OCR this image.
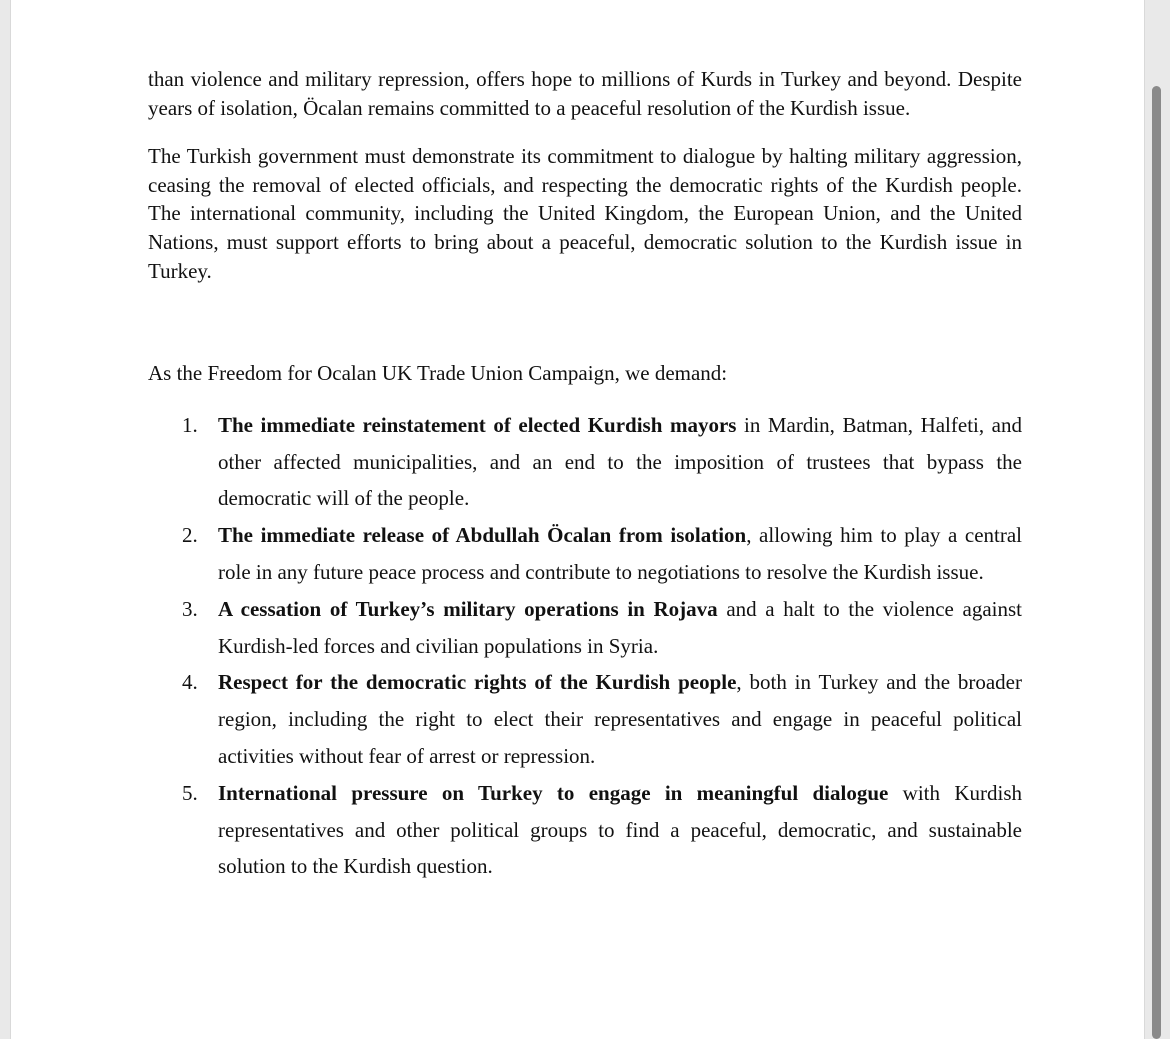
than violence and military repression, offers hope to millions of Kurds in Turkey and beyond. Despite years of isolation, Öcalan remains committed to a peaceful resolution of the Kurdish issue.

The Turkish government must demonstrate its commitment to dialogue by halting military aggression, ceasing the removal of elected officials, and respecting the democratic rights of the Kurdish people. The international community, including the United Kingdom, the European Union, and the United Nations, must support efforts to bring about a peaceful, democratic solution to the Kurdish issue in Turkey.

As the Freedom for Ocalan UK Trade Union Campaign, we demand:

1. The immediate reinstatement of elected Kurdish mayors in Mardin, Batman, Halfeti, and other affected municipalities, and an end to the imposition of trustees that bypass the democratic will of the people.
2. The immediate release of Abdullah Öcalan from isolation, allowing him to play a central role in any future peace process and contribute to negotiations to resolve the Kurdish issue.
3. A cessation of Turkey’s military operations in Rojava and a halt to the violence against Kurdish-led forces and civilian populations in Syria.
4. Respect for the democratic rights of the Kurdish people, both in Turkey and the broader region, including the right to elect their representatives and engage in peaceful political activities without fear of arrest or repression.
5. International pressure on Turkey to engage in meaningful dialogue with Kurdish representatives and other political groups to find a peaceful, democratic, and sustainable solution to the Kurdish question.
